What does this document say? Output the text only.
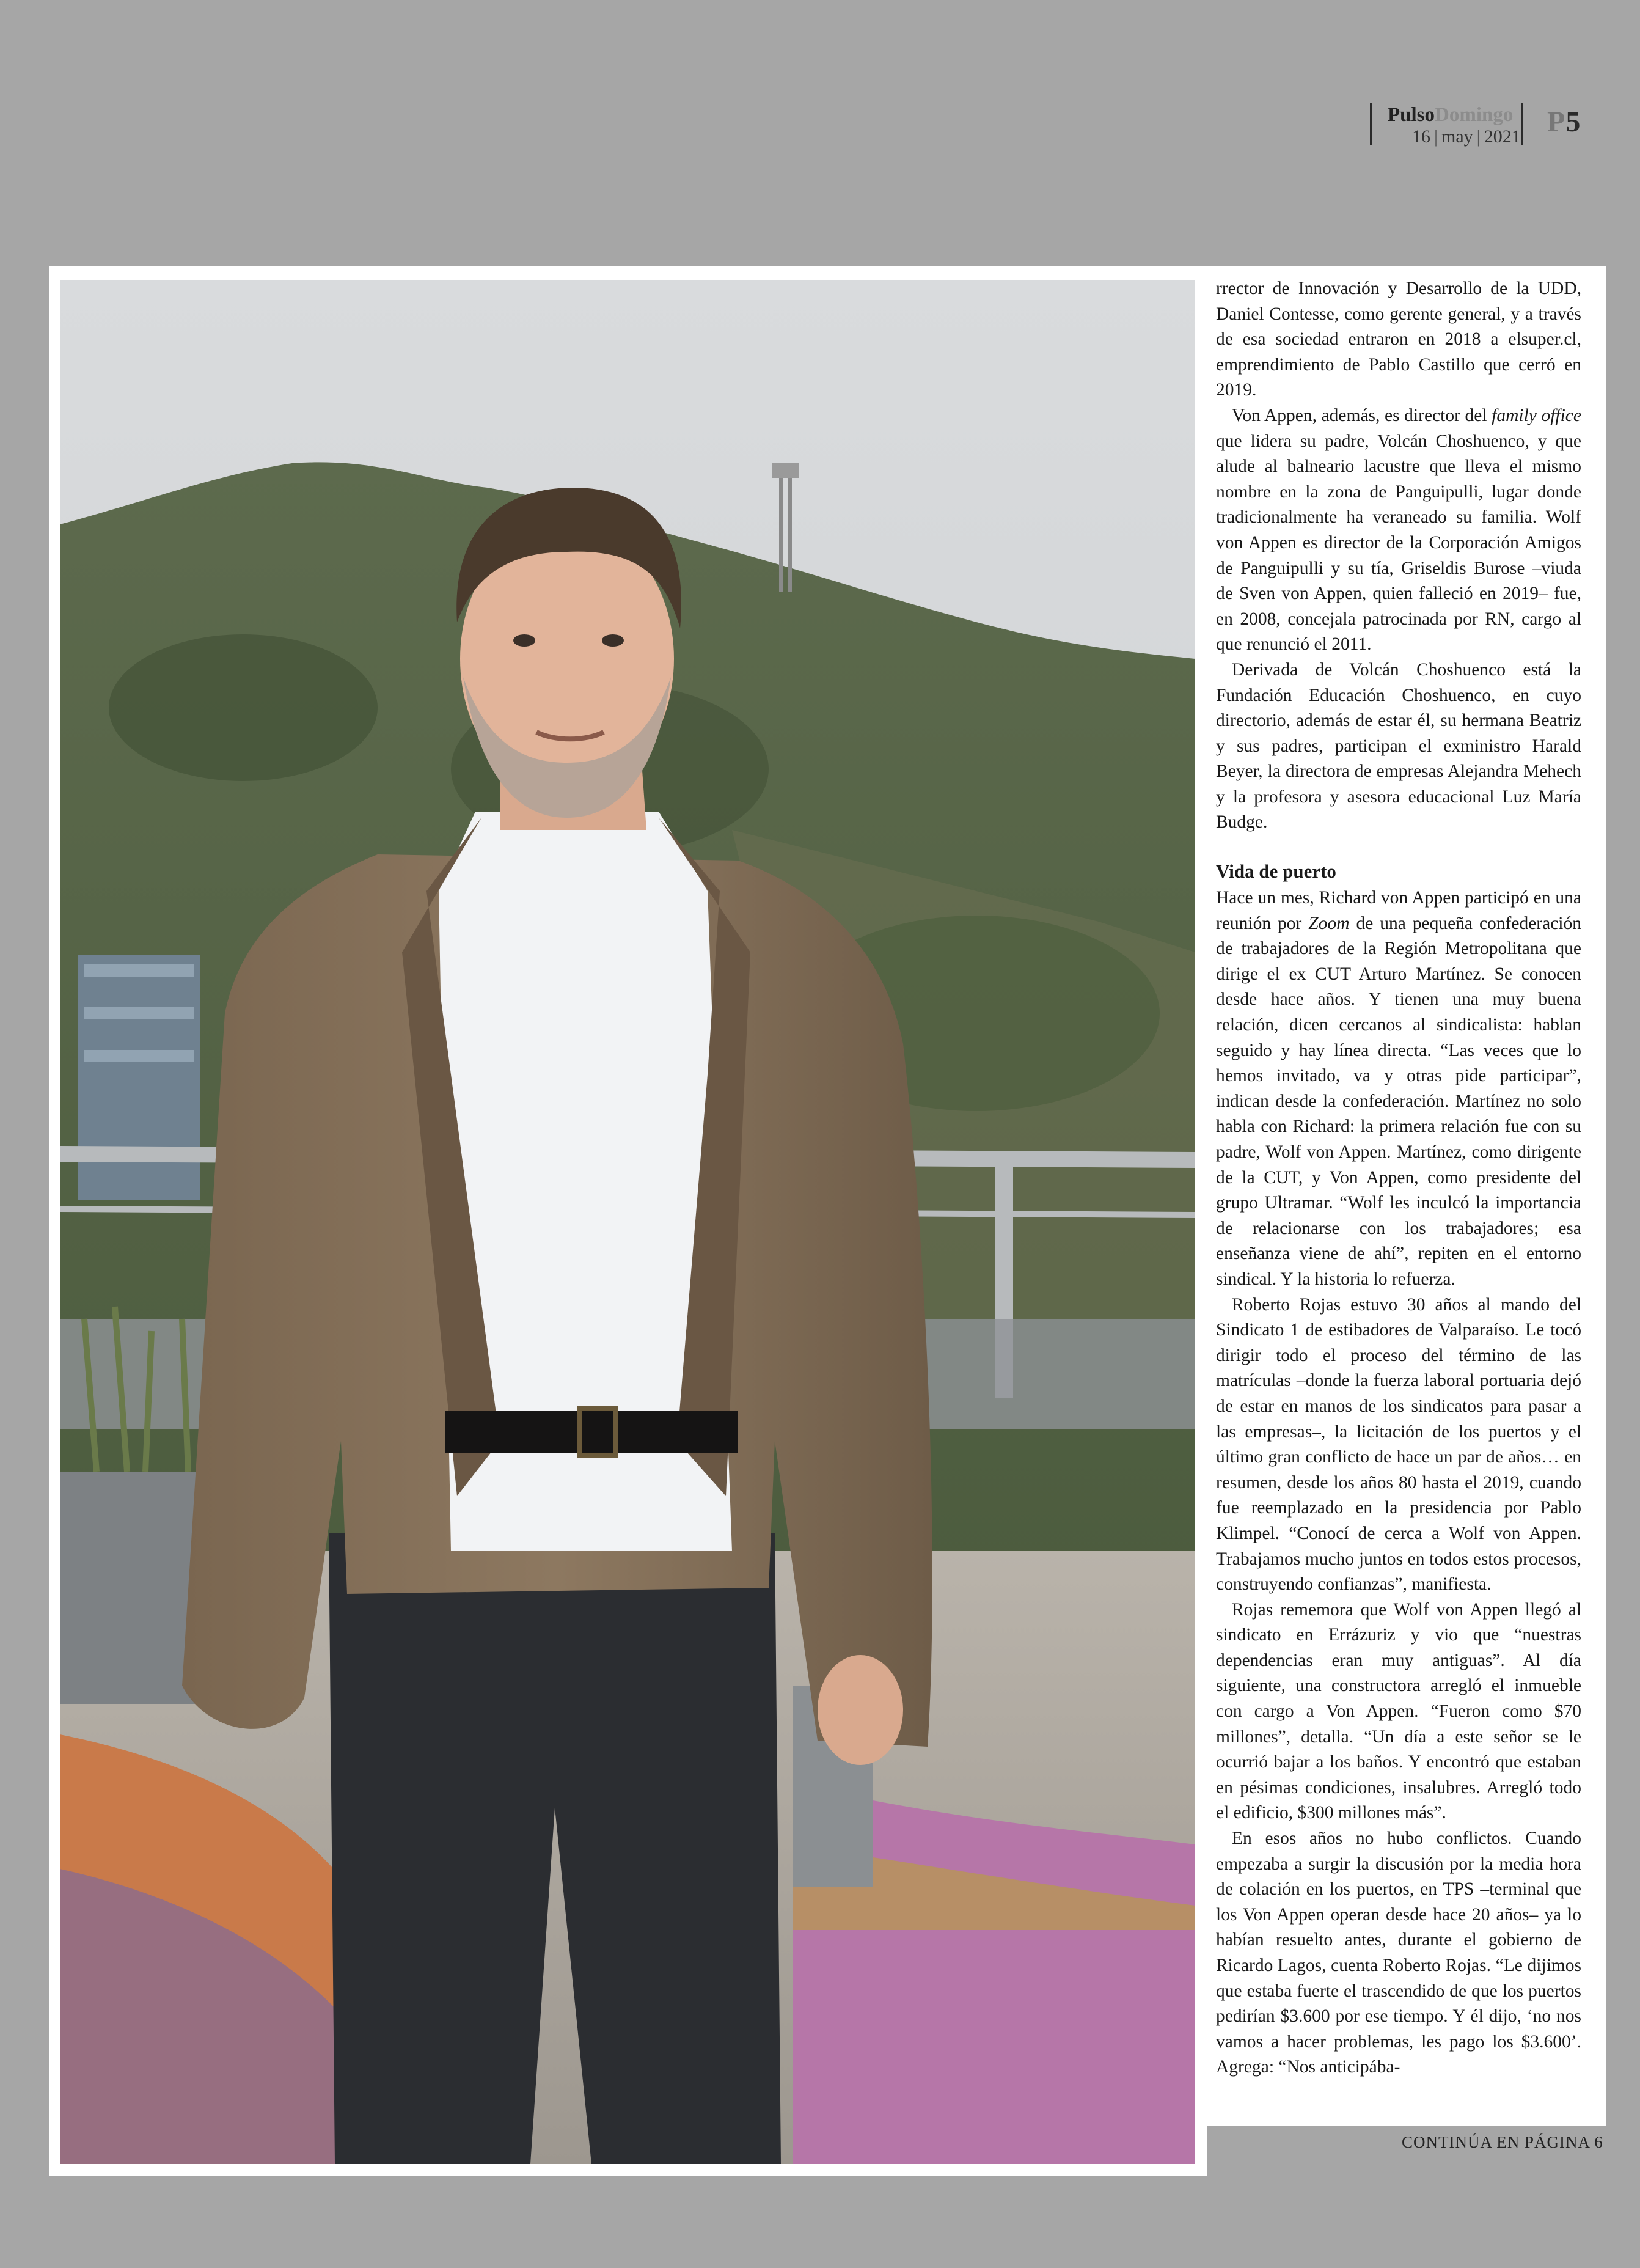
PulsoDomingo
16 | may | 2021 P5

rrector de Innovación y Desarrollo de la UDD, Daniel Contesse, como gerente general, y a través de esa sociedad entraron en 2018 a elsuper.cl, emprendimiento de Pablo Castillo que cerró en 2019.

Von Appen, además, es director del family office que lidera su padre, Volcán Choshuenco, y que alude al balneario lacustre que lleva el mismo nombre en la zona de Panguipulli, lugar donde tradicionalmente ha veraneado su familia. Wolf von Appen es director de la Corporación Amigos de Panguipulli y su tía, Griseldis Burose –viuda de Sven von Appen, quien falleció en 2019– fue, en 2008, concejala patrocinada por RN, cargo al que renunció el 2011.

Derivada de Volcán Choshuenco está la Fundación Educación Choshuenco, en cuyo directorio, además de estar él, su hermana Beatriz y sus padres, participan el exministro Harald Beyer, la directora de empresas Alejandra Mehech y la profesora y asesora educacional Luz María Budge.

Vida de puerto

Hace un mes, Richard von Appen participó en una reunión por Zoom de una pequeña confederación de trabajadores de la Región Metropolitana que dirige el ex CUT Arturo Martínez. Se conocen desde hace años. Y tienen una muy buena relación, dicen cercanos al sindicalista: hablan seguido y hay línea directa. “Las veces que lo hemos invitado, va y otras pide participar”, indican desde la confederación. Martínez no solo habla con Richard: la primera relación fue con su padre, Wolf von Appen. Martínez, como dirigente de la CUT, y Von Appen, como presidente del grupo Ultramar. “Wolf les inculcó la importancia de relacionarse con los trabajadores; esa enseñanza viene de ahí”, repiten en el entorno sindical. Y la historia lo refuerza.

Roberto Rojas estuvo 30 años al mando del Sindicato 1 de estibadores de Valparaíso. Le tocó dirigir todo el proceso del término de las matrículas –donde la fuerza laboral portuaria dejó de estar en manos de los sindicatos para pasar a las empresas–, la licitación de los puertos y el último gran conflicto de hace un par de años… en resumen, desde los años 80 hasta el 2019, cuando fue reemplazado en la presidencia por Pablo Klimpel. “Conocí de cerca a Wolf von Appen. Trabajamos mucho juntos en todos estos procesos, construyendo confianzas”, manifiesta.

Rojas rememora que Wolf von Appen llegó al sindicato en Errázuriz y vio que “nuestras dependencias eran muy antiguas”. Al día siguiente, una constructora arregló el inmueble con cargo a Von Appen. “Fueron como $70 millones”, detalla. “Un día a este señor se le ocurrió bajar a los baños. Y encontró que estaban en pésimas condiciones, insalubres. Arregló todo el edificio, $300 millones más”.

En esos años no hubo conflictos. Cuando empezaba a surgir la discusión por la media hora de colación en los puertos, en TPS –terminal que los Von Appen operan desde hace 20 años– ya lo habían resuelto antes, durante el gobierno de Ricardo Lagos, cuenta Roberto Rojas. “Le dijimos que estaba fuerte el trascendido de que los puertos pedirían $3.600 por ese tiempo. Y él dijo, ‘no nos vamos a hacer problemas, les pago los $3.600’. Agrega: “Nos anticipába-

CONTINÚA EN PÁGINA 6
